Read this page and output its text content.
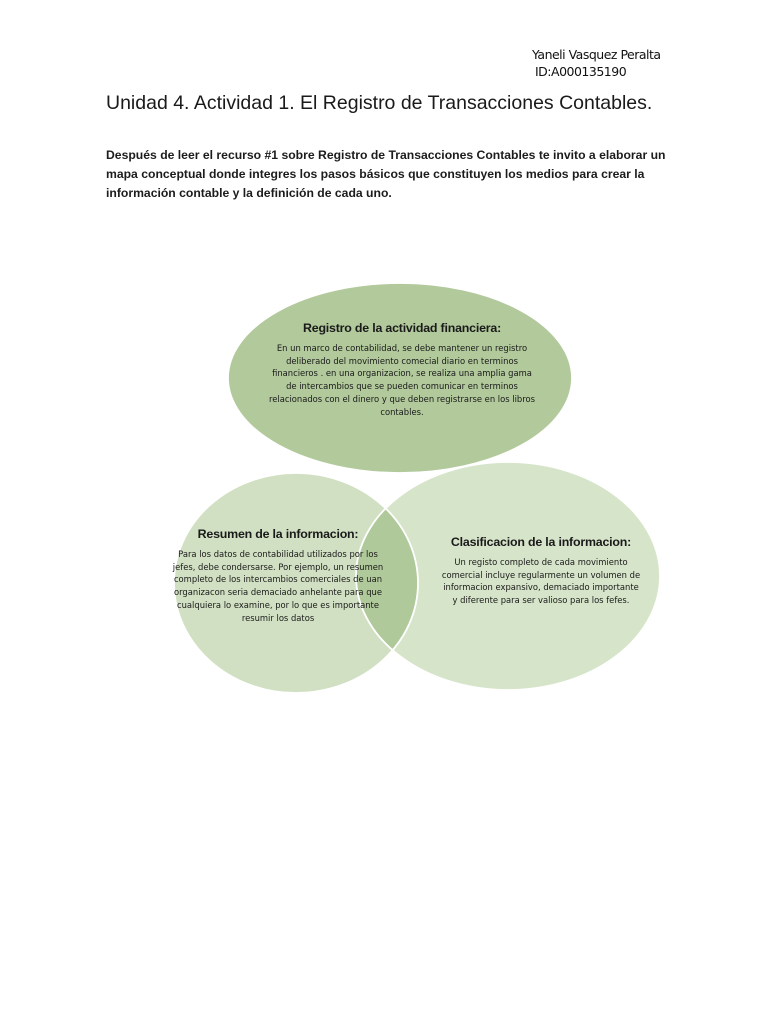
Yaneli Vasquez Peralta
ID:A000135190
Unidad 4. Actividad 1. El Registro de Transacciones Contables.

Después de leer el recurso #1 sobre Registro de Transacciones Contables te invito a elaborar un mapa conceptual donde integres los pasos básicos que constituyen los medios para crear la información contable y la definición de cada uno.

Registro de la actividad financiera:
En un marco de contabilidad, se debe mantener un registro deliberado del movimiento comecial diario en terminos financieros . en una organizacion, se realiza una amplia gama de intercambios que se pueden comunicar en terminos relacionados con el dinero y que deben registrarse en los libros contables.
Resumen de la informacion:
Para los datos de contabilidad utilizados por los jefes, debe condersarse. Por ejemplo, un resumen completo de los intercambios comerciales de uan organizacon seria demaciado anhelante para que cualquiera lo examine, por lo que es importante resumir los datos
Clasificacion de la informacion:
Un registo completo de cada movimiento comercial incluye regularmente un volumen de informacion expansivo, demaciado importante y diferente para ser valioso para los fefes.
